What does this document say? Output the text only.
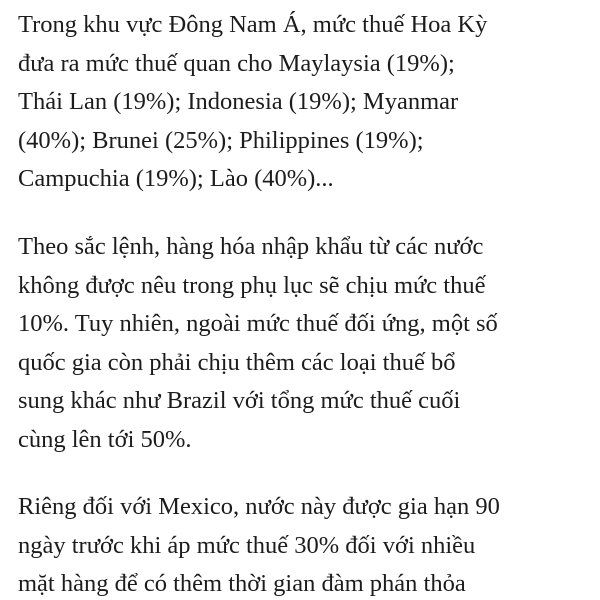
Trong khu vực Đông Nam Á, mức thuế Hoa Kỳ
đưa ra mức thuế quan cho Maylaysia (19%);
Thái Lan (19%); Indonesia (19%); Myanmar
(40%); Brunei (25%); Philippines (19%);
Campuchia (19%); Lào (40%)...

Theo sắc lệnh, hàng hóa nhập khẩu từ các nước
không được nêu trong phụ lục sẽ chịu mức thuế
10%. Tuy nhiên, ngoài mức thuế đối ứng, một số
quốc gia còn phải chịu thêm các loại thuế bổ
sung khác như Brazil với tổng mức thuế cuối
cùng lên tới 50%.

Riêng đối với Mexico, nước này được gia hạn 90
ngày trước khi áp mức thuế 30% đối với nhiều
mặt hàng để có thêm thời gian đàm phán thỏa
